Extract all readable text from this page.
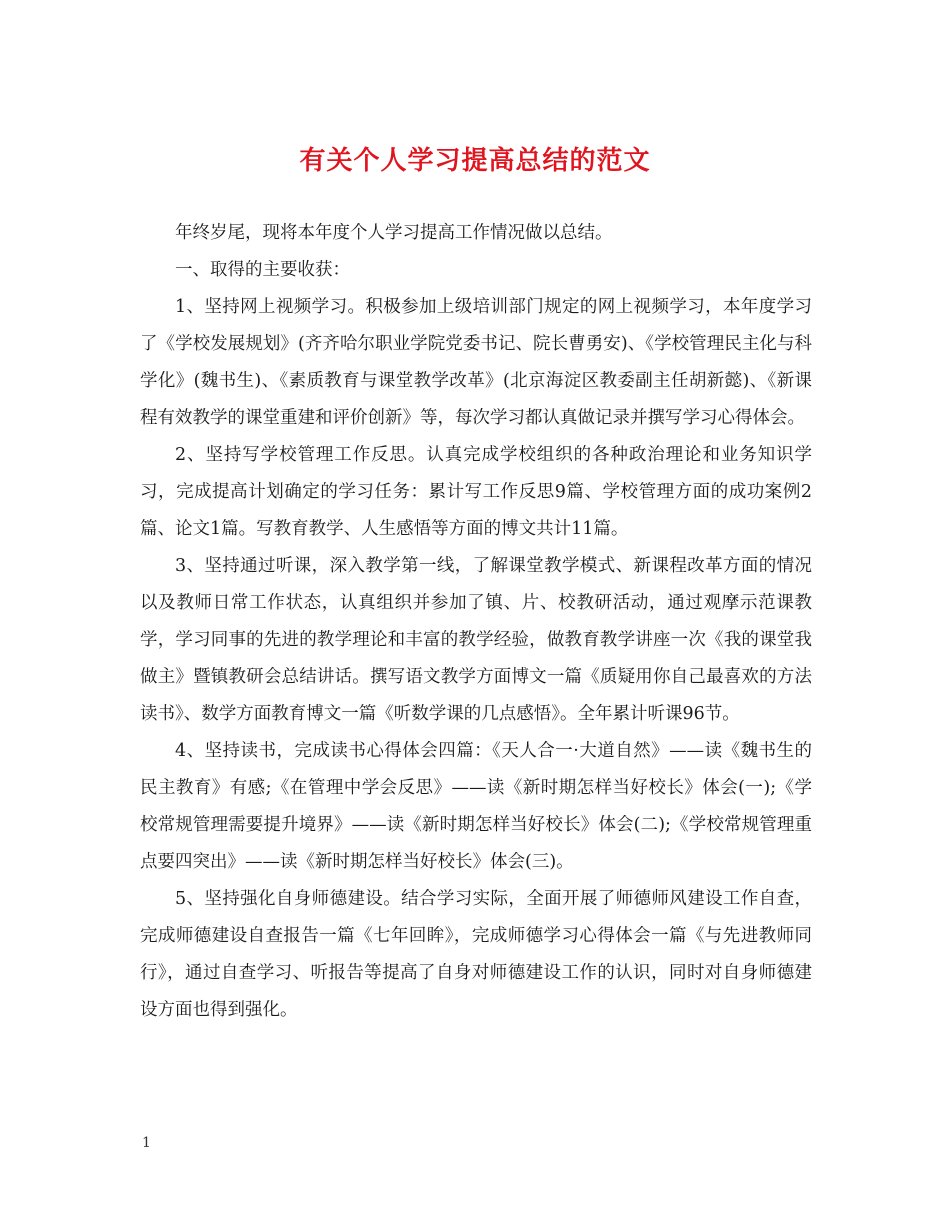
有关个人学习提高总结的范文

年终岁尾，现将本年度个人学习提高工作情况做以总结。

一、取得的主要收获：

1、坚持网上视频学习。积极参加上级培训部门规定的网上视频学习，本年度学习了《学校发展规划》(齐齐哈尔职业学院党委书记、院长曹勇安)、《学校管理民主化与科学化》(魏书生)、《素质教育与课堂教学改革》(北京海淀区教委副主任胡新懿)、《新课程有效教学的课堂重建和评价创新》等，每次学习都认真做记录并撰写学习心得体会。

2、坚持写学校管理工作反思。认真完成学校组织的各种政治理论和业务知识学习，完成提高计划确定的学习任务：累计写工作反思9篇、学校管理方面的成功案例2篇、论文1篇。写教育教学、人生感悟等方面的博文共计11篇。

3、坚持通过听课，深入教学第一线，了解课堂教学模式、新课程改革方面的情况以及教师日常工作状态，认真组织并参加了镇、片、校教研活动，通过观摩示范课教学，学习同事的先进的教学理论和丰富的教学经验，做教育教学讲座一次《我的课堂我做主》暨镇教研会总结讲话。撰写语文教学方面博文一篇《质疑用你自己最喜欢的方法读书》、数学方面教育博文一篇《听数学课的几点感悟》。全年累计听课96节。

4、坚持读书，完成读书心得体会四篇：《天人合一·大道自然》——读《魏书生的民主教育》有感;《在管理中学会反思》——读《新时期怎样当好校长》体会(一);《学校常规管理需要提升境界》——读《新时期怎样当好校长》体会(二);《学校常规管理重点要四突出》——读《新时期怎样当好校长》体会(三)。

5、坚持强化自身师德建设。结合学习实际，全面开展了师德师风建设工作自查，完成师德建设自查报告一篇《七年回眸》，完成师德学习心得体会一篇《与先进教师同行》，通过自查学习、听报告等提高了自身对师德建设工作的认识，同时对自身师德建设方面也得到强化。

1
